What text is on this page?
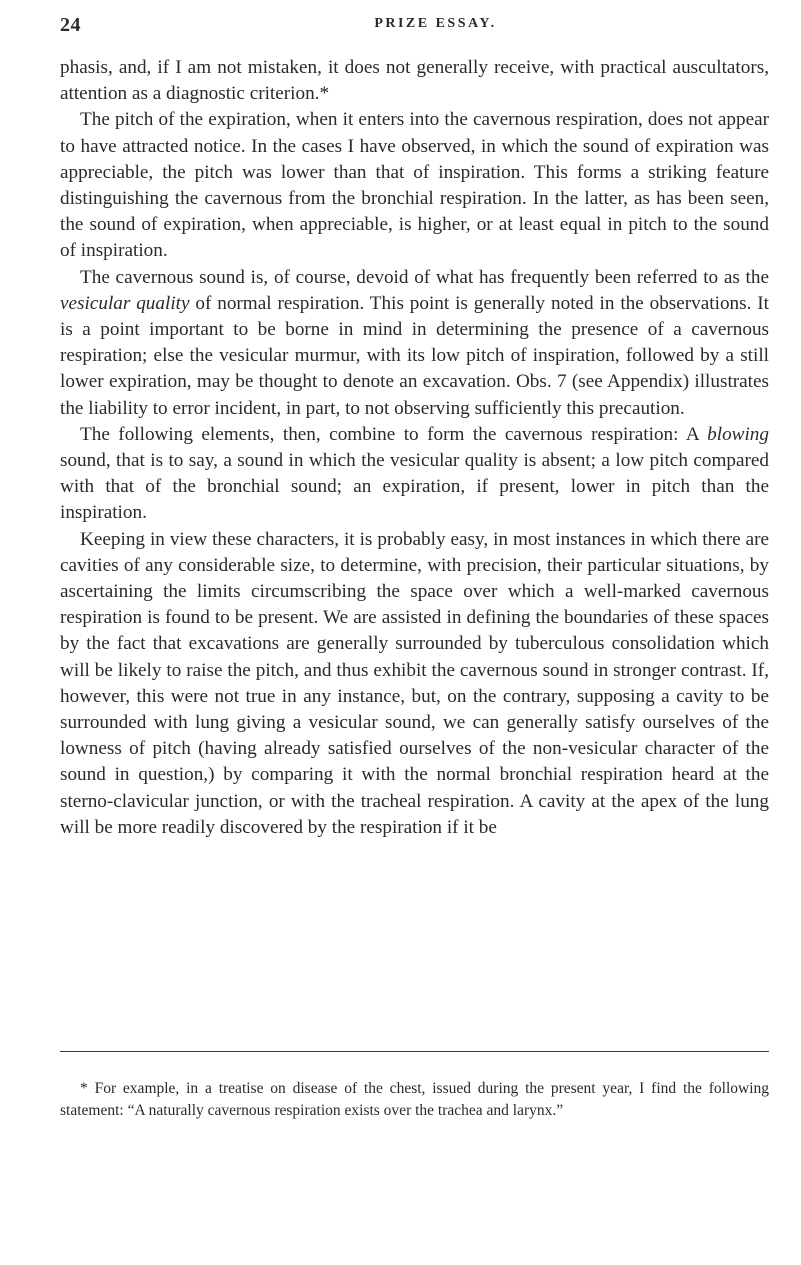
24	PRIZE ESSAY.

phasis, and, if I am not mistaken, it does not generally receive, with practical auscultators, attention as a diagnostic criterion.*

The pitch of the expiration, when it enters into the cavernous respiration, does not appear to have attracted notice. In the cases I have observed, in which the sound of expiration was appreciable, the pitch was lower than that of inspiration. This forms a striking feature distinguishing the cavernous from the bronchial respiration. In the latter, as has been seen, the sound of expiration, when appreciable, is higher, or at least equal in pitch to the sound of inspiration.

The cavernous sound is, of course, devoid of what has frequently been referred to as the vesicular quality of normal respiration. This point is generally noted in the observations. It is a point important to be borne in mind in determining the presence of a cavernous respiration; else the vesicular murmur, with its low pitch of inspiration, followed by a still lower expiration, may be thought to denote an excavation. Obs. 7 (see Appendix) illustrates the liability to error incident, in part, to not observing sufficiently this precaution.

The following elements, then, combine to form the cavernous respiration: A blowing sound, that is to say, a sound in which the vesicular quality is absent; a low pitch compared with that of the bronchial sound; an expiration, if present, lower in pitch than the inspiration.

Keeping in view these characters, it is probably easy, in most instances in which there are cavities of any considerable size, to determine, with precision, their particular situations, by ascertaining the limits circumscribing the space over which a well-marked cavernous respiration is found to be present. We are assisted in defining the boundaries of these spaces by the fact that excavations are generally surrounded by tuberculous consolidation which will be likely to raise the pitch, and thus exhibit the cavernous sound in stronger contrast. If, however, this were not true in any instance, but, on the contrary, supposing a cavity to be surrounded with lung giving a vesicular sound, we can generally satisfy ourselves of the lowness of pitch (having already satisfied ourselves of the non-vesicular character of the sound in question,) by comparing it with the normal bronchial respiration heard at the sterno-clavicular junction, or with the tracheal respiration. A cavity at the apex of the lung will be more readily discovered by the respiration if it be

* For example, in a treatise on disease of the chest, issued during the present year, I find the following statement: “A naturally cavernous respiration exists over the trachea and larynx.”
